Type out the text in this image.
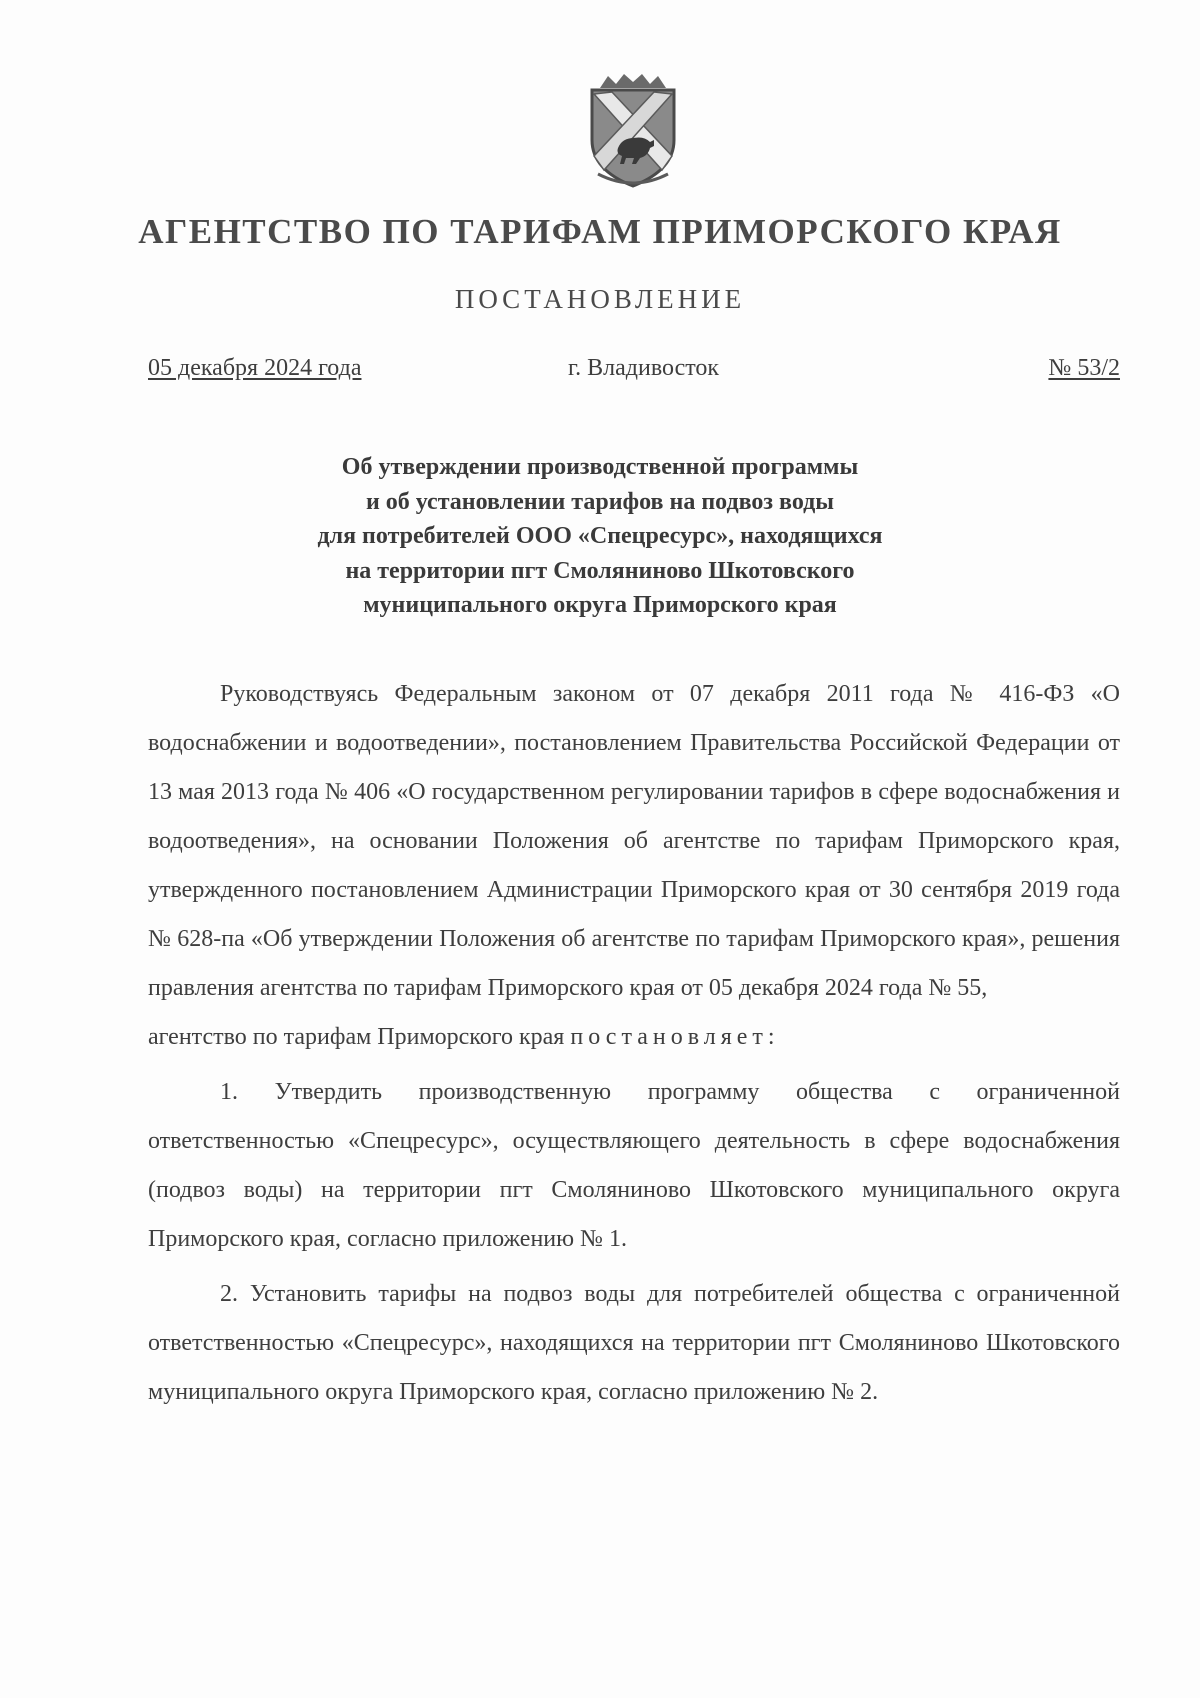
АГЕНТСТВО ПО ТАРИФАМ ПРИМОРСКОГО КРАЯ
ПОСТАНОВЛЕНИЕ
05 декабря 2024 года	г. Владивосток	№ 53/2
Об утверждении производственной программы
и об установлении тарифов на подвоз воды
для потребителей ООО «Спецресурс», находящихся
на территории пгт Смоляниново Шкотовского
муниципального округа Приморского края

Руководствуясь Федеральным законом от 07 декабря 2011 года № 416-ФЗ «О водоснабжении и водоотведении», постановлением Правительства Российской Федерации от 13 мая 2013 года № 406 «О государственном регулировании тарифов в сфере водоснабжения и водоотведения», на основании Положения об агентстве по тарифам Приморского края, утвержденного постановлением Администрации Приморского края от 30 сентября 2019 года № 628-па «Об утверждении Положения об агентстве по тарифам Приморского края», решения правления агентства по тарифам Приморского края от 05 декабря 2024 года № 55,

агентство по тарифам Приморского края постановляет:

1. Утвердить производственную программу общества с ограниченной ответственностью «Спецресурс», осуществляющего деятельность в сфере водоснабжения (подвоз воды) на территории пгт Смоляниново Шкотовского муниципального округа Приморского края, согласно приложению № 1.

2. Установить тарифы на подвоз воды для потребителей общества с ограниченной ответственностью «Спецресурс», находящихся на территории пгт Смоляниново Шкотовского муниципального округа Приморского края, согласно приложению № 2.
